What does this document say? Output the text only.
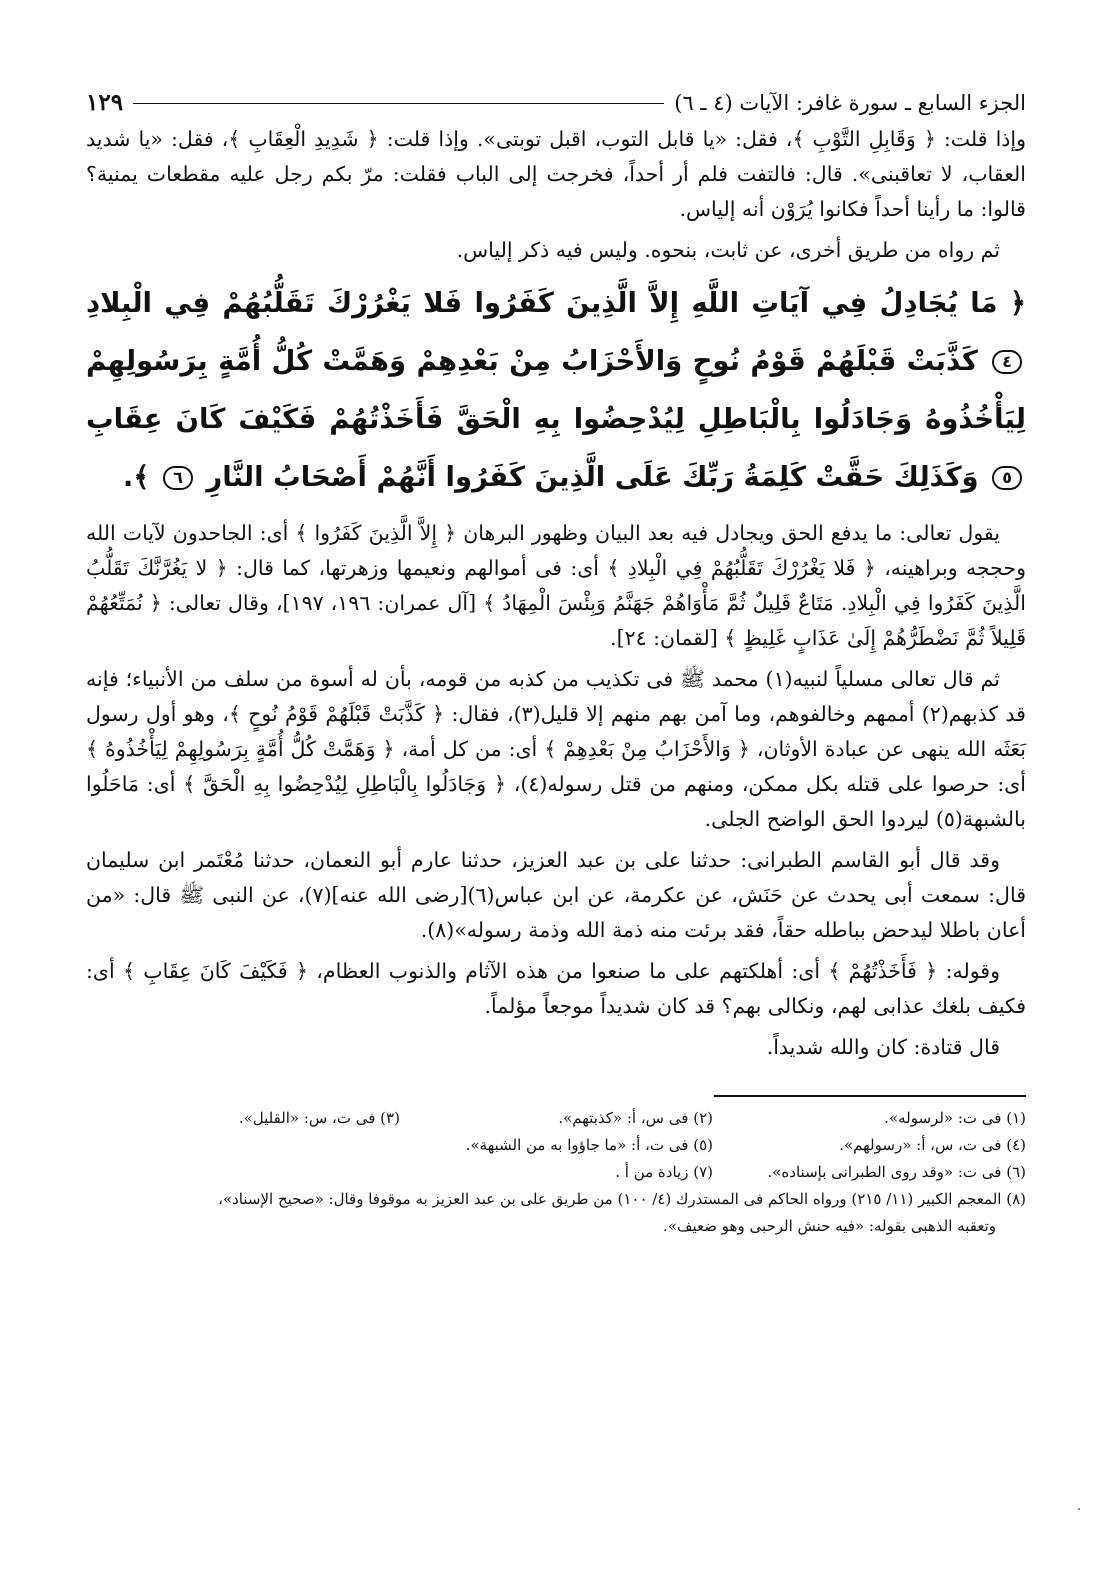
الجزء السابع ـ سورة غافر: الآيات (٤ ـ ٦)
١٢٩

وإذا قلت: ﴿ وَقَابِلِ التَّوْبِ ﴾، فقل: «يا قابل التوب، اقبل توبتى». وإذا قلت: ﴿ شَدِيدِ الْعِقَابِ ﴾، فقل: «يا شديد العقاب، لا تعاقبنى». قال: فالتفت فلم أر أحداً، فخرجت إلى الباب فقلت: مرّ بكم رجل عليه مقطعات يمنية؟ قالوا: ما رأينا أحداً فكانوا يُرَوْن أنه إلياس.

ثم رواه من طريق أخرى، عن ثابت، بنحوه. وليس فيه ذكر إلياس.

﴿ مَا يُجَادِلُ فِي آيَاتِ اللَّهِ إِلاَّ الَّذِينَ كَفَرُوا فَلا يَغْرُرْكَ تَقَلُّبُهُمْ فِي الْبِلادِ ٤ كَذَّبَتْ قَبْلَهُمْ قَوْمُ نُوحٍ وَالأَحْزَابُ مِنْ بَعْدِهِمْ وَهَمَّتْ كُلُّ أُمَّةٍ بِرَسُولِهِمْ لِيَأْخُذُوهُ وَجَادَلُوا بِالْبَاطِلِ لِيُدْحِضُوا بِهِ الْحَقَّ فَأَخَذْتُهُمْ فَكَيْفَ كَانَ عِقَابِ ٥ وَكَذَلِكَ حَقَّتْ كَلِمَةُ رَبِّكَ عَلَى الَّذِينَ كَفَرُوا أَنَّهُمْ أَصْحَابُ النَّارِ ٦ ﴾.

يقول تعالى: ما يدفع الحق ويجادل فيه بعد البيان وظهور البرهان ﴿ إِلاَّ الَّذِينَ كَفَرُوا ﴾ أى: الجاحدون لآيات الله وحججه وبراهينه، ﴿ فَلا يَغْرُرْكَ تَقَلُّبُهُمْ فِي الْبِلادِ ﴾ أى: فى أموالهم ونعيمها وزهرتها، كما قال: ﴿ لا يَغُرَّنَّكَ تَقَلُّبُ الَّذِينَ كَفَرُوا فِي الْبِلادِ. مَتَاعٌ قَلِيلٌ ثُمَّ مَأْوَاهُمْ جَهَنَّمُ وَبِئْسَ الْمِهَادُ ﴾ [آل عمران: ١٩٦، ١٩٧]، وقال تعالى: ﴿ نُمَتِّعُهُمْ قَلِيلاً ثُمَّ نَضْطَرُّهُمْ إِلَىٰ عَذَابٍ غَلِيظٍ ﴾ [لقمان: ٢٤].

ثم قال تعالى مسلياً لنبيه(١) محمد ﷺ فى تكذيب من كذبه من قومه، بأن له أسوة من سلف من الأنبياء؛ فإنه قد كذبهم(٢) أممهم وخالفوهم، وما آمن بهم منهم إلا قليل(٣)، فقال: ﴿ كَذَّبَتْ قَبْلَهُمْ قَوْمُ نُوحٍ ﴾، وهو أول رسول بَعَثَه الله ينهى عن عبادة الأوثان، ﴿ وَالأَحْزَابُ مِنْ بَعْدِهِمْ ﴾ أى: من كل أمة، ﴿ وَهَمَّتْ كُلُّ أُمَّةٍ بِرَسُولِهِمْ لِيَأْخُذُوهُ ﴾ أى: حرصوا على قتله بكل ممكن، ومنهم من قتل رسوله(٤)، ﴿ وَجَادَلُوا بِالْبَاطِلِ لِيُدْحِضُوا بِهِ الْحَقَّ ﴾ أى: مَاحَلُوا بالشبهة(٥) ليردوا الحق الواضح الجلى.

وقد قال أبو القاسم الطبرانى: حدثنا على بن عبد العزيز، حدثنا عارم أبو النعمان، حدثنا مُعْتَمر ابن سليمان قال: سمعت أبى يحدث عن حَنَش، عن عكرمة، عن ابن عباس(٦)[رضى الله عنه](٧)، عن النبى ﷺ قال: «من أعان باطلا ليدحض بباطله حقاً، فقد برئت منه ذمة الله وذمة رسوله»(٨).

وقوله: ﴿ فَأَخَذْتُهُمْ ﴾ أى: أهلكتهم على ما صنعوا من هذه الآثام والذنوب العظام، ﴿ فَكَيْفَ كَانَ عِقَابِ ﴾ أى: فكيف بلغك عذابى لهم، ونكالى بهم؟ قد كان شديداً موجعاً مؤلماً.

قال قتادة: كان والله شديداً.

(١) فى ت: «لرسوله».
(٢) فى س، أ: «كذبتهم».
(٣) فى ت، س: «القليل».
(٤) فى ت، س، أ: «رسولهم».
(٥) فى ت، أ: «ما جاؤوا به من الشبهة».
(٦) فى ت: «وقد روى الطبرانى بإسناده».
(٧) زيادة من أ .
(٨) المعجم الكبير (١١/ ٢١٥) ورواه الحاكم فى المستدرك (٤/ ١٠٠) من طريق على بن عبد العزيز به موقوفا وقال: «صحيح الإسناد»،
وتعقبه الذهبى بقوله: «فيه حنش الرحبى وهو ضعيف».
